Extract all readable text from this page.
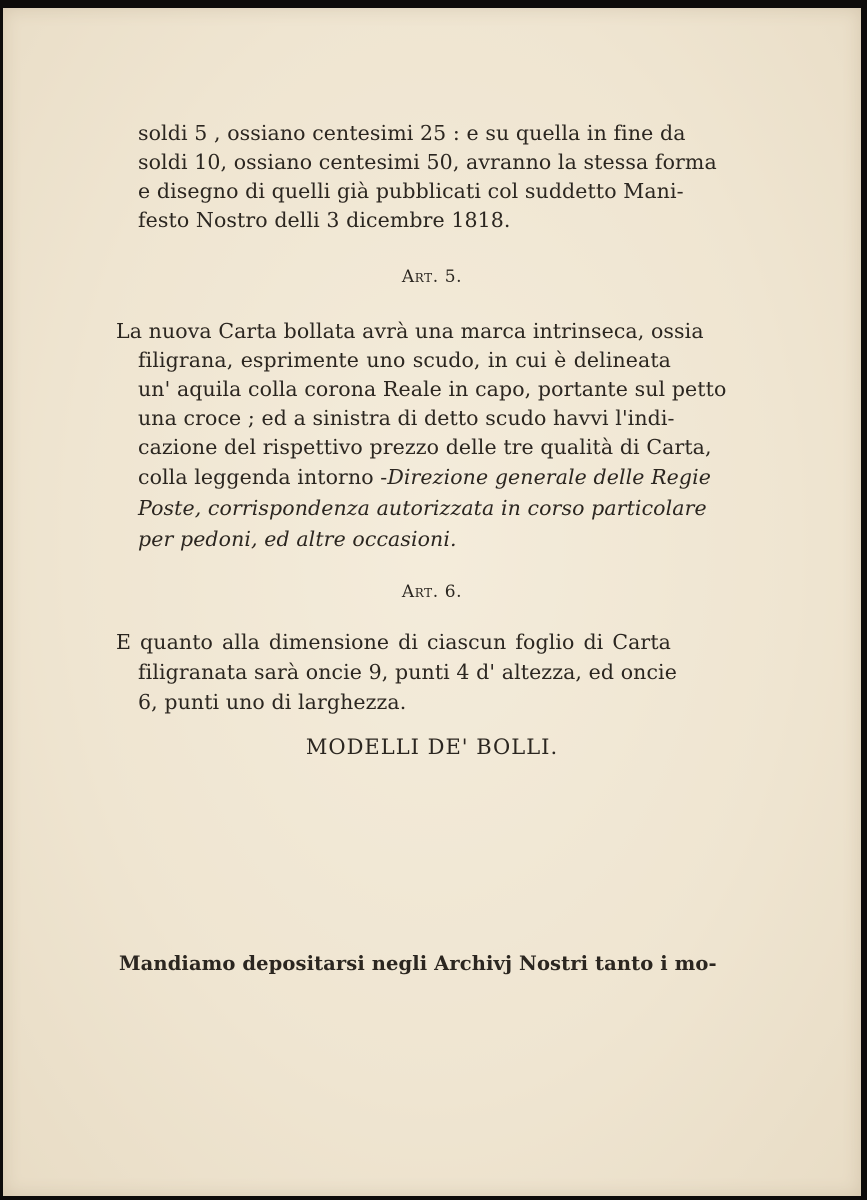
soldi 5 , ossiano centesimi 25 : e su quella in fine da
soldi 10, ossiano centesimi 50, avranno la stessa forma
e disegno di quelli già pubblicati col suddetto Mani-
festo Nostro delli 3 dicembre 1818.
Art. 5.
La nuova Carta bollata avrà una marca intrinseca, ossia
filigrana, esprimente uno scudo, in cui è delineata
un' aquila colla corona Reale in capo, portante sul petto
una croce ; ed a sinistra di detto scudo havvi l'indi-
cazione del rispettivo prezzo delle tre qualità di Carta,
colla leggenda intorno - Direzione generale delle Regie
Poste, corrispondenza autorizzata in corso particolare
per pedoni, ed altre occasioni.
Art. 6.
E quanto alla dimensione di ciascun foglio di Carta
filigranata sarà oncie 9, punti 4 d' altezza, ed oncie
6, punti uno di larghezza.
MODELLI DE' BOLLI.
Mandiamo depositarsi negli Archivj Nostri tanto i mo-
